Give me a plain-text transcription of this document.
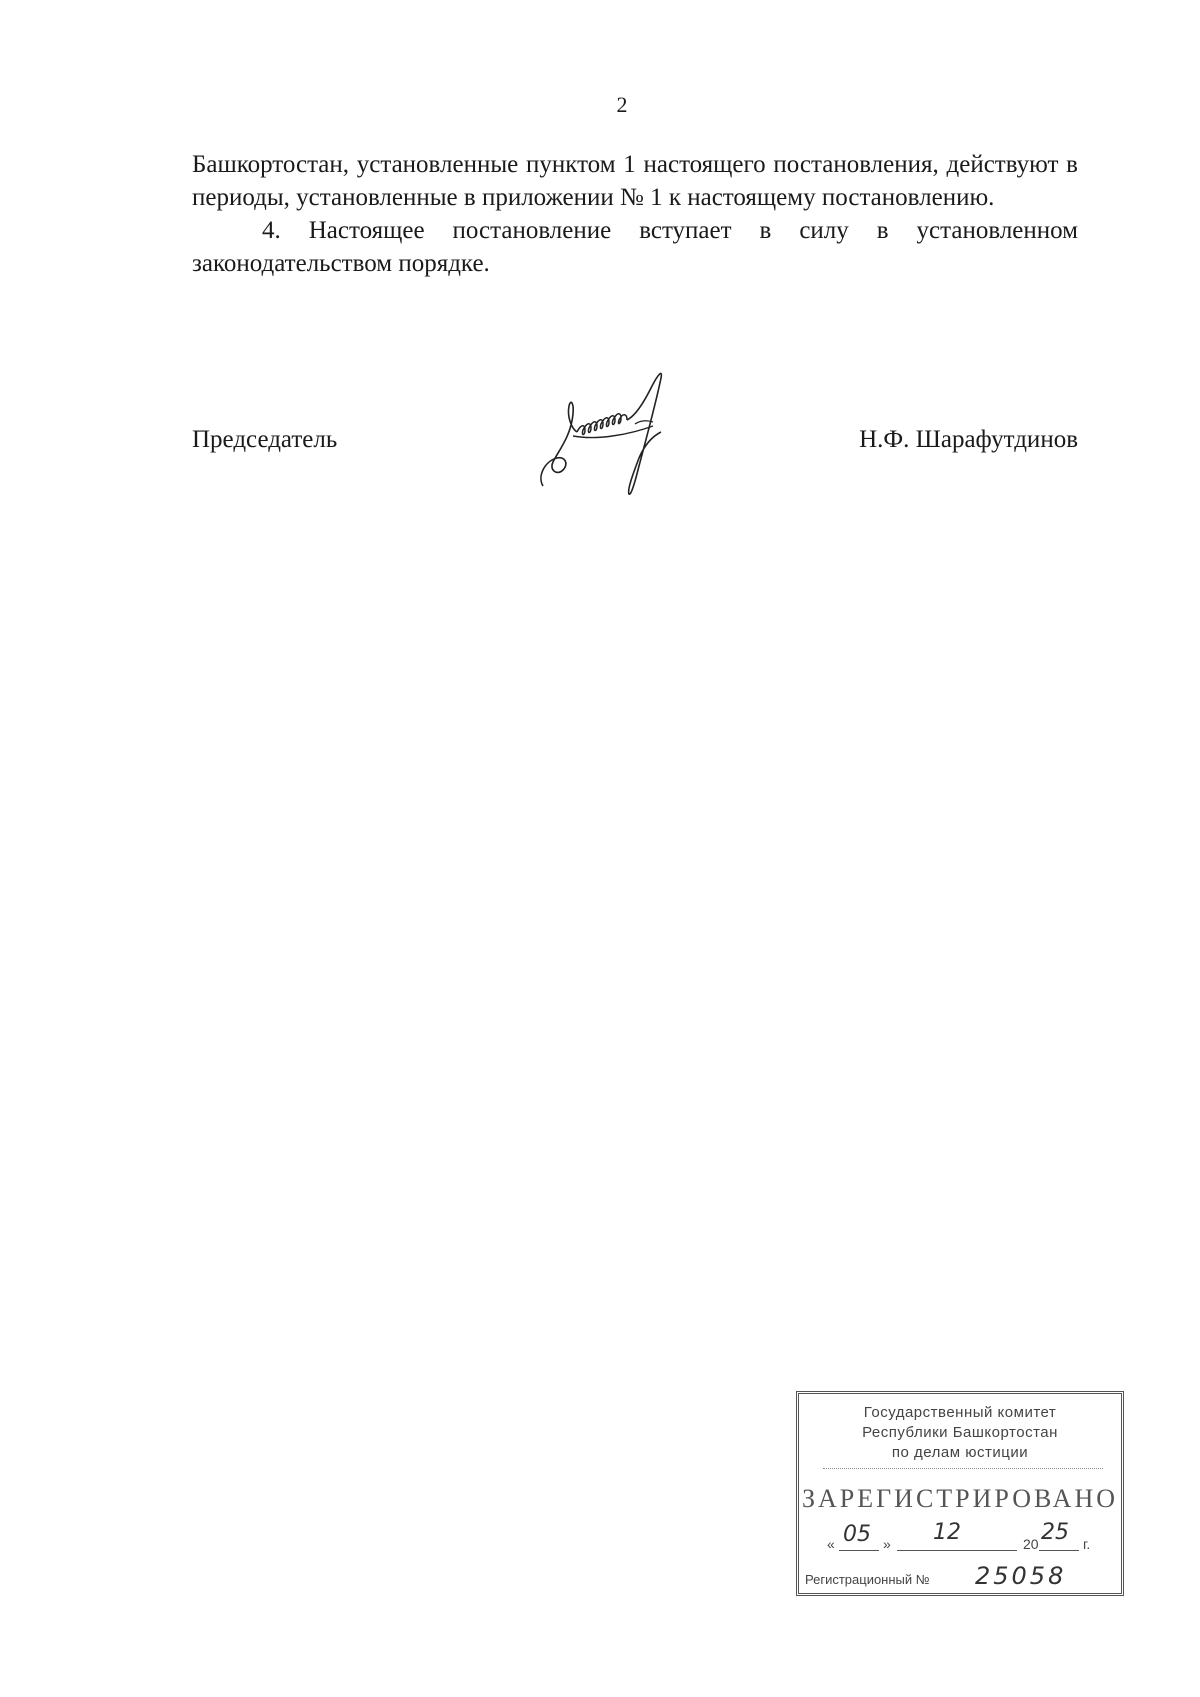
2

Башкортостан, установленные пунктом 1 настоящего постановления, действуют в периоды, установленные в приложении № 1 к настоящему постановлению.

4. Настоящее постановление вступает в силу в установленном законодательством порядке.

Председатель	Н.Ф. Шарафутдинов
Государственный комитет
Республики Башкортостан
по делам юстиции
ЗАРЕГИСТРИРОВАНО
« 05 » 12	20 25 г.
Регистрационный № 25058
